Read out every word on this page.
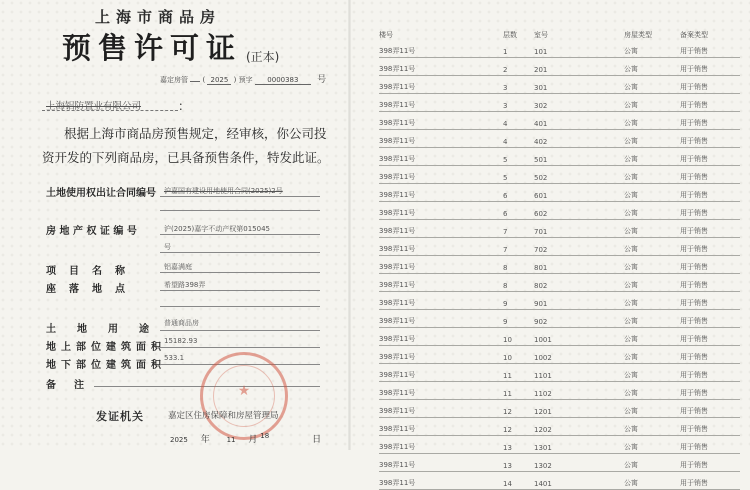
上海市商品房
预售许可证 (正本)
嘉定房管 ( 2025 ) 预字 0000383 号
上海铝防置业有限公司	：
根据上海市商品房预售规定，经审核，你公司投
资开发的下列商品房，已具备预售条件，特发此证。
土地使用权出让合同编号 沪嘉国有建设用地使用合同(2025)2号
房 地 产 权 证 编 号	沪(2025)嘉字不动产权第015045
号
项目名称	铝嘉满庭
座落地点	希望路398弄
土地用途
普通商品房
地上部位建筑面积
15182.93
地下部位建筑面积
533.1
备注	★
发证机关	嘉定区住房保障和房屋管理局
2025 年 11 月 18	日
楼号	层数	室号	房屋类型	备案类型
398弄11号	1	101	公寓	用于销售
398弄11号	2	201	公寓	用于销售
398弄11号	3	301	公寓	用于销售
398弄11号	3	302	公寓	用于销售
398弄11号	4	401	公寓	用于销售
398弄11号	4	402	公寓	用于销售
398弄11号	5	501	公寓	用于销售
398弄11号	5	502	公寓	用于销售
398弄11号	6	601	公寓	用于销售
398弄11号	6	602	公寓	用于销售
398弄11号	7	701	公寓	用于销售
398弄11号	7	702	公寓	用于销售
398弄11号	8	801	公寓	用于销售
398弄11号	8	802	公寓	用于销售
398弄11号	9	901	公寓	用于销售
398弄11号	9	902	公寓	用于销售
398弄11号	10	1001	公寓	用于销售
398弄11号	10	1002	公寓	用于销售
398弄11号	11	1101	公寓	用于销售
398弄11号	11	1102	公寓	用于销售
398弄11号	12	1201	公寓	用于销售
398弄11号	12	1202	公寓	用于销售
398弄11号	13	1301	公寓	用于销售
398弄11号	13	1302	公寓	用于销售
398弄11号	14	1401	公寓	用于销售
